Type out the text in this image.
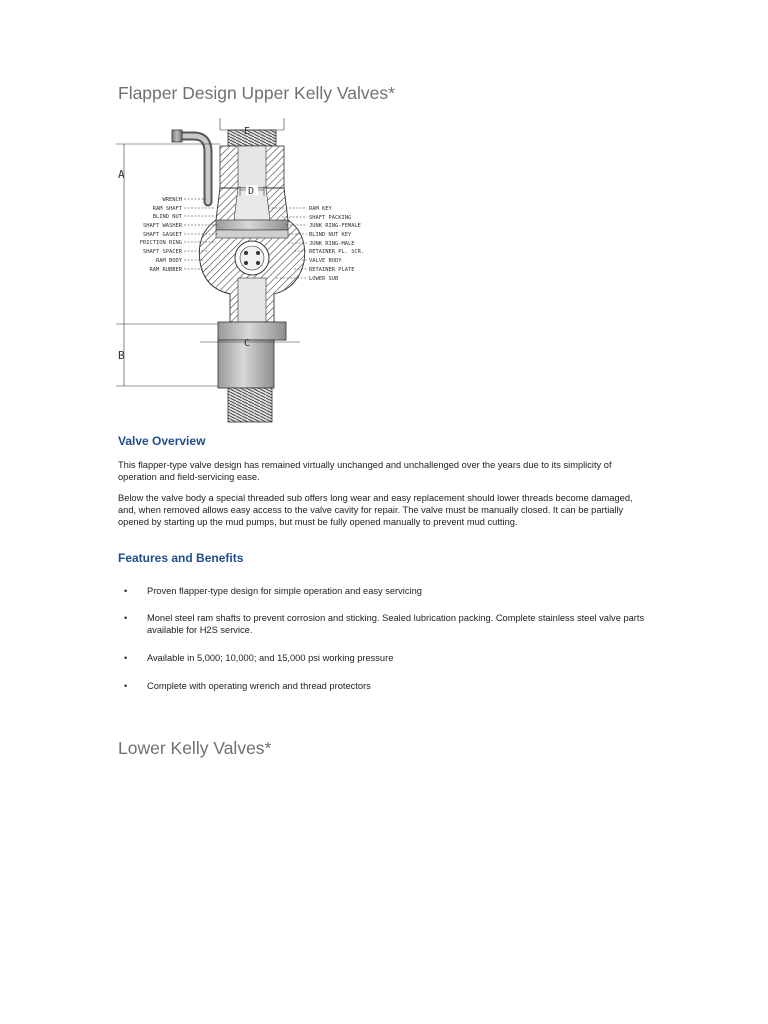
Flapper Design Upper Kelly Valves*
E
D
C
A
B
WRENCH
RAM SHAFT
BLIND NUT
SHAFT WASHER
SHAFT GASKET
FRICTION RING
SHAFT SPACER
RAM BODY
RAM RUBBER
RAM KEY
SHAFT PACKING
JUNK RING-FEMALE
BLIND NUT KEY
JUNK RING-MALE
RETAINER PL. SCR.
VALVE BODY
RETAINER PLATE
LOWER SUB
Valve Overview

This flapper-type valve design has remained virtually unchanged and unchallenged over the years due to its simplicity of operation and field-servicing ease.

Below the valve body a special threaded sub offers long wear and easy replacement should lower threads become damaged, and, when removed allows easy access to the valve cavity for repair. The valve must be manually closed. It can be partially opened by starting up the mud pumps, but must be fully opened manually to prevent mud cutting.

Features and Benefits
• Proven flapper-type design for simple operation and easy servicing
• Monel steel ram shafts to prevent corrosion and sticking. Sealed lubrication packing. Complete stainless steel valve parts available for H2S service.
• Available in 5,000; 10,000; and 15,000 psi working pressure
• Complete with operating wrench and thread protectors
Lower Kelly Valves*
